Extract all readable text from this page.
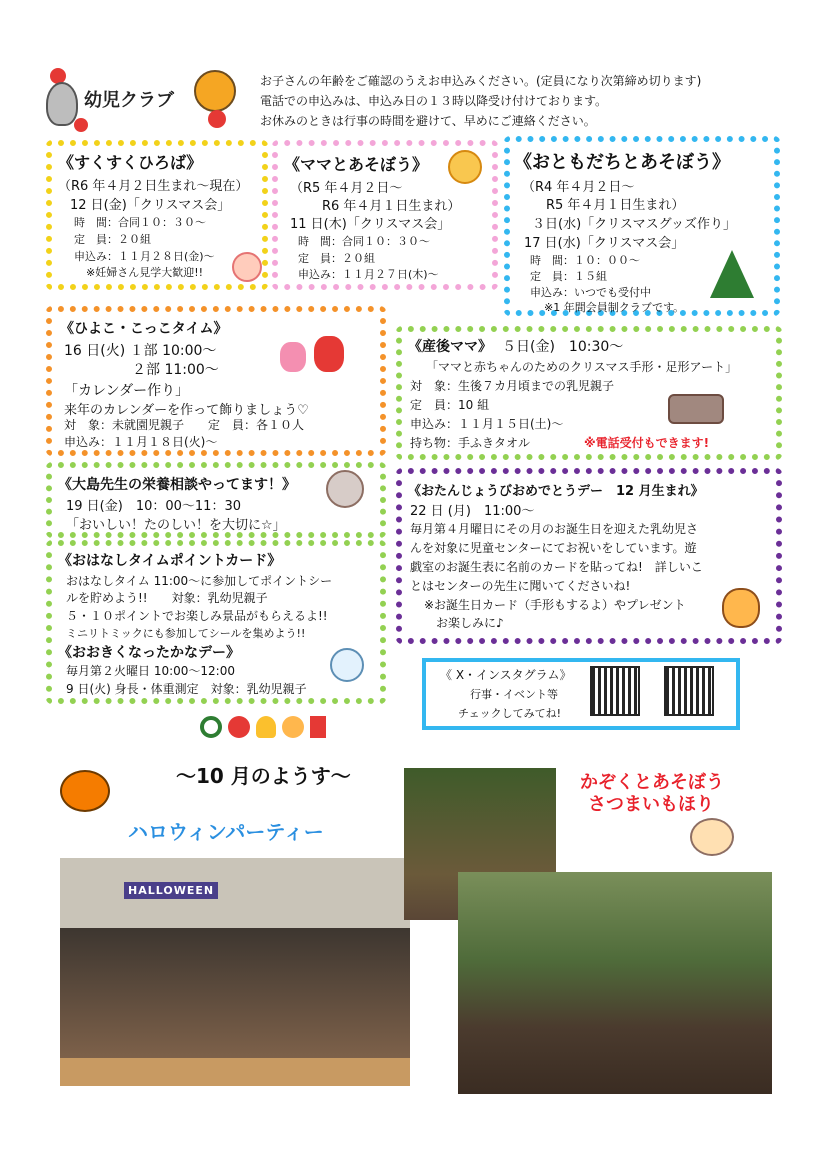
幼児クラブ
お子さんの年齢をご確認のうえお申込みください。(定員になり次第締め切ります)
電話での申込みは、申込み日の１３時以降受け付けております。
お休みのときは行事の時間を避けて、早めにご連絡ください。
《すくすくひろば》
（R6 年４月２日生まれ～現在）
12 日(金)「クリスマス会」
時　間：合同１０：３０～
定　員：２０組
申込み：１１月２８日(金)～
※妊婦さん見学大歓迎!!
《ママとあそぼう》
（R5 年４月２日～
R6 年４月１日生まれ）
11 日(木)「クリスマス会」
時　間：合同１０：３０～
定　員：２０組
申込み：１１月２７日(木)～
《おともだちとあそぼう》
（R4 年４月２日～
R5 年４月１日生まれ）
３日(水)「クリスマスグッズ作り」
17 日(水)「クリスマス会」
時　間：１０：００～
定　員：１５組
申込み：いつでも受付中
※1 年間会員制クラブです。
《ひよこ・こっこタイム》
16 日(火) １部 10:00～
２部 11:00～
「カレンダー作り」
来年のカレンダーを作って飾りましょう♡
対　象：未就園児親子　　定　員：各１０人
申込み：１１月１８日(火)～
《産後ママ》 ５日(金)　10:30～
「ママと赤ちゃんのためのクリスマス手形・足形アート」
対　象：生後７カ月頃までの乳児親子
定　員：10 組
申込み：１１月１５日(土)～
持ち物：手ふきタオル	※電話受付もできます!
《大島先生の栄養相談やってます！》
19 日(金)　10：00～11：30
「おいしい！たのしい！を大切に☆」
《おはなしタイムポイントカード》
おはなしタイム 11:00～に参加してポイントシー
ルを貯めよう!!　　対象：乳幼児親子
５・１０ポイントでお楽しみ景品がもらえるよ!!
ミニリトミックにも参加してシールを集めよう!!
《おおきくなったかなデー》
毎月第２火曜日 10:00～12:00
9 日(火) 身長・体重測定　対象：乳幼児親子
《おたんじょうびおめでとうデー　12 月生まれ》
22 日 (月)　11:00～
毎月第４月曜日にその月のお誕生日を迎えた乳幼児さ
んを対象に児童センターにてお祝いをしています。遊
戯室のお誕生表に名前のカードを貼ってね!　詳しいこ
とはセンターの先生に聞いてくださいね!
※お誕生日カード（手形もするよ）やプレゼント
お楽しみに♪
《 X・インスタグラム》
行事・イベント等
チェックしてみてね!
～10 月のようす～
ハロウィンパーティー
HALLOWEEN
かぞくとあそぼう
さつまいもほり
